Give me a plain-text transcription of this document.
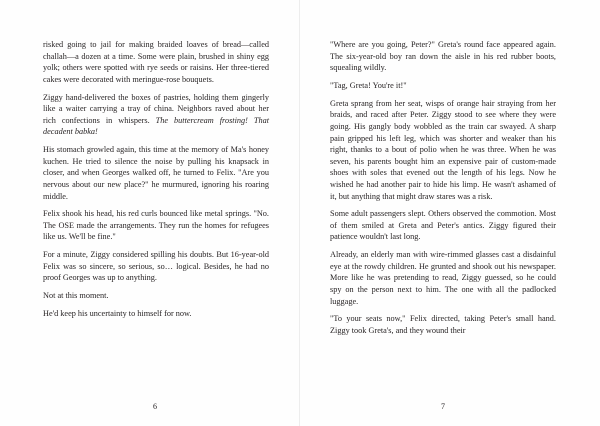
risked going to jail for making braided loaves of bread—called challah—a dozen at a time. Some were plain, brushed in shiny egg yolk; others were spotted with rye seeds or raisins. Her three-tiered cakes were decorated with meringue-rose bouquets.

Ziggy hand-delivered the boxes of pastries, holding them gingerly like a waiter carrying a tray of china. Neighbors raved about her rich confections in whispers. The buttercream frosting! That decadent babka!

His stomach growled again, this time at the memory of Ma's honey kuchen. He tried to silence the noise by pulling his knapsack in closer, and when Georges walked off, he turned to Felix. "Are you nervous about our new place?" he murmured, ignoring his roaring middle.

Felix shook his head, his red curls bounced like metal springs. "No. The OSE made the arrangements. They run the homes for refugees like us. We'll be fine."

For a minute, Ziggy considered spilling his doubts. But 16-year-old Felix was so sincere, so serious, so… logical. Besides, he had no proof Georges was up to anything.

Not at this moment.

He'd keep his uncertainty to himself for now.

6

"Where are you going, Peter?" Greta's round face appeared again. The six-year-old boy ran down the aisle in his red rubber boots, squealing wildly.

"Tag, Greta! You're it!"

Greta sprang from her seat, wisps of orange hair straying from her braids, and raced after Peter. Ziggy stood to see where they were going. His gangly body wobbled as the train car swayed. A sharp pain gripped his left leg, which was shorter and weaker than his right, thanks to a bout of polio when he was three. When he was seven, his parents bought him an expensive pair of custom-made shoes with soles that evened out the length of his legs. Now he wished he had another pair to hide his limp. He wasn't ashamed of it, but anything that might draw stares was a risk.

Some adult passengers slept. Others observed the commotion. Most of them smiled at Greta and Peter's antics. Ziggy figured their patience wouldn't last long.

Already, an elderly man with wire-rimmed glasses cast a disdainful eye at the rowdy children. He grunted and shook out his newspaper. More like he was pretending to read, Ziggy guessed, so he could spy on the person next to him. The one with all the padlocked luggage.

"To your seats now," Felix directed, taking Peter's small hand. Ziggy took Greta's, and they wound their

7
